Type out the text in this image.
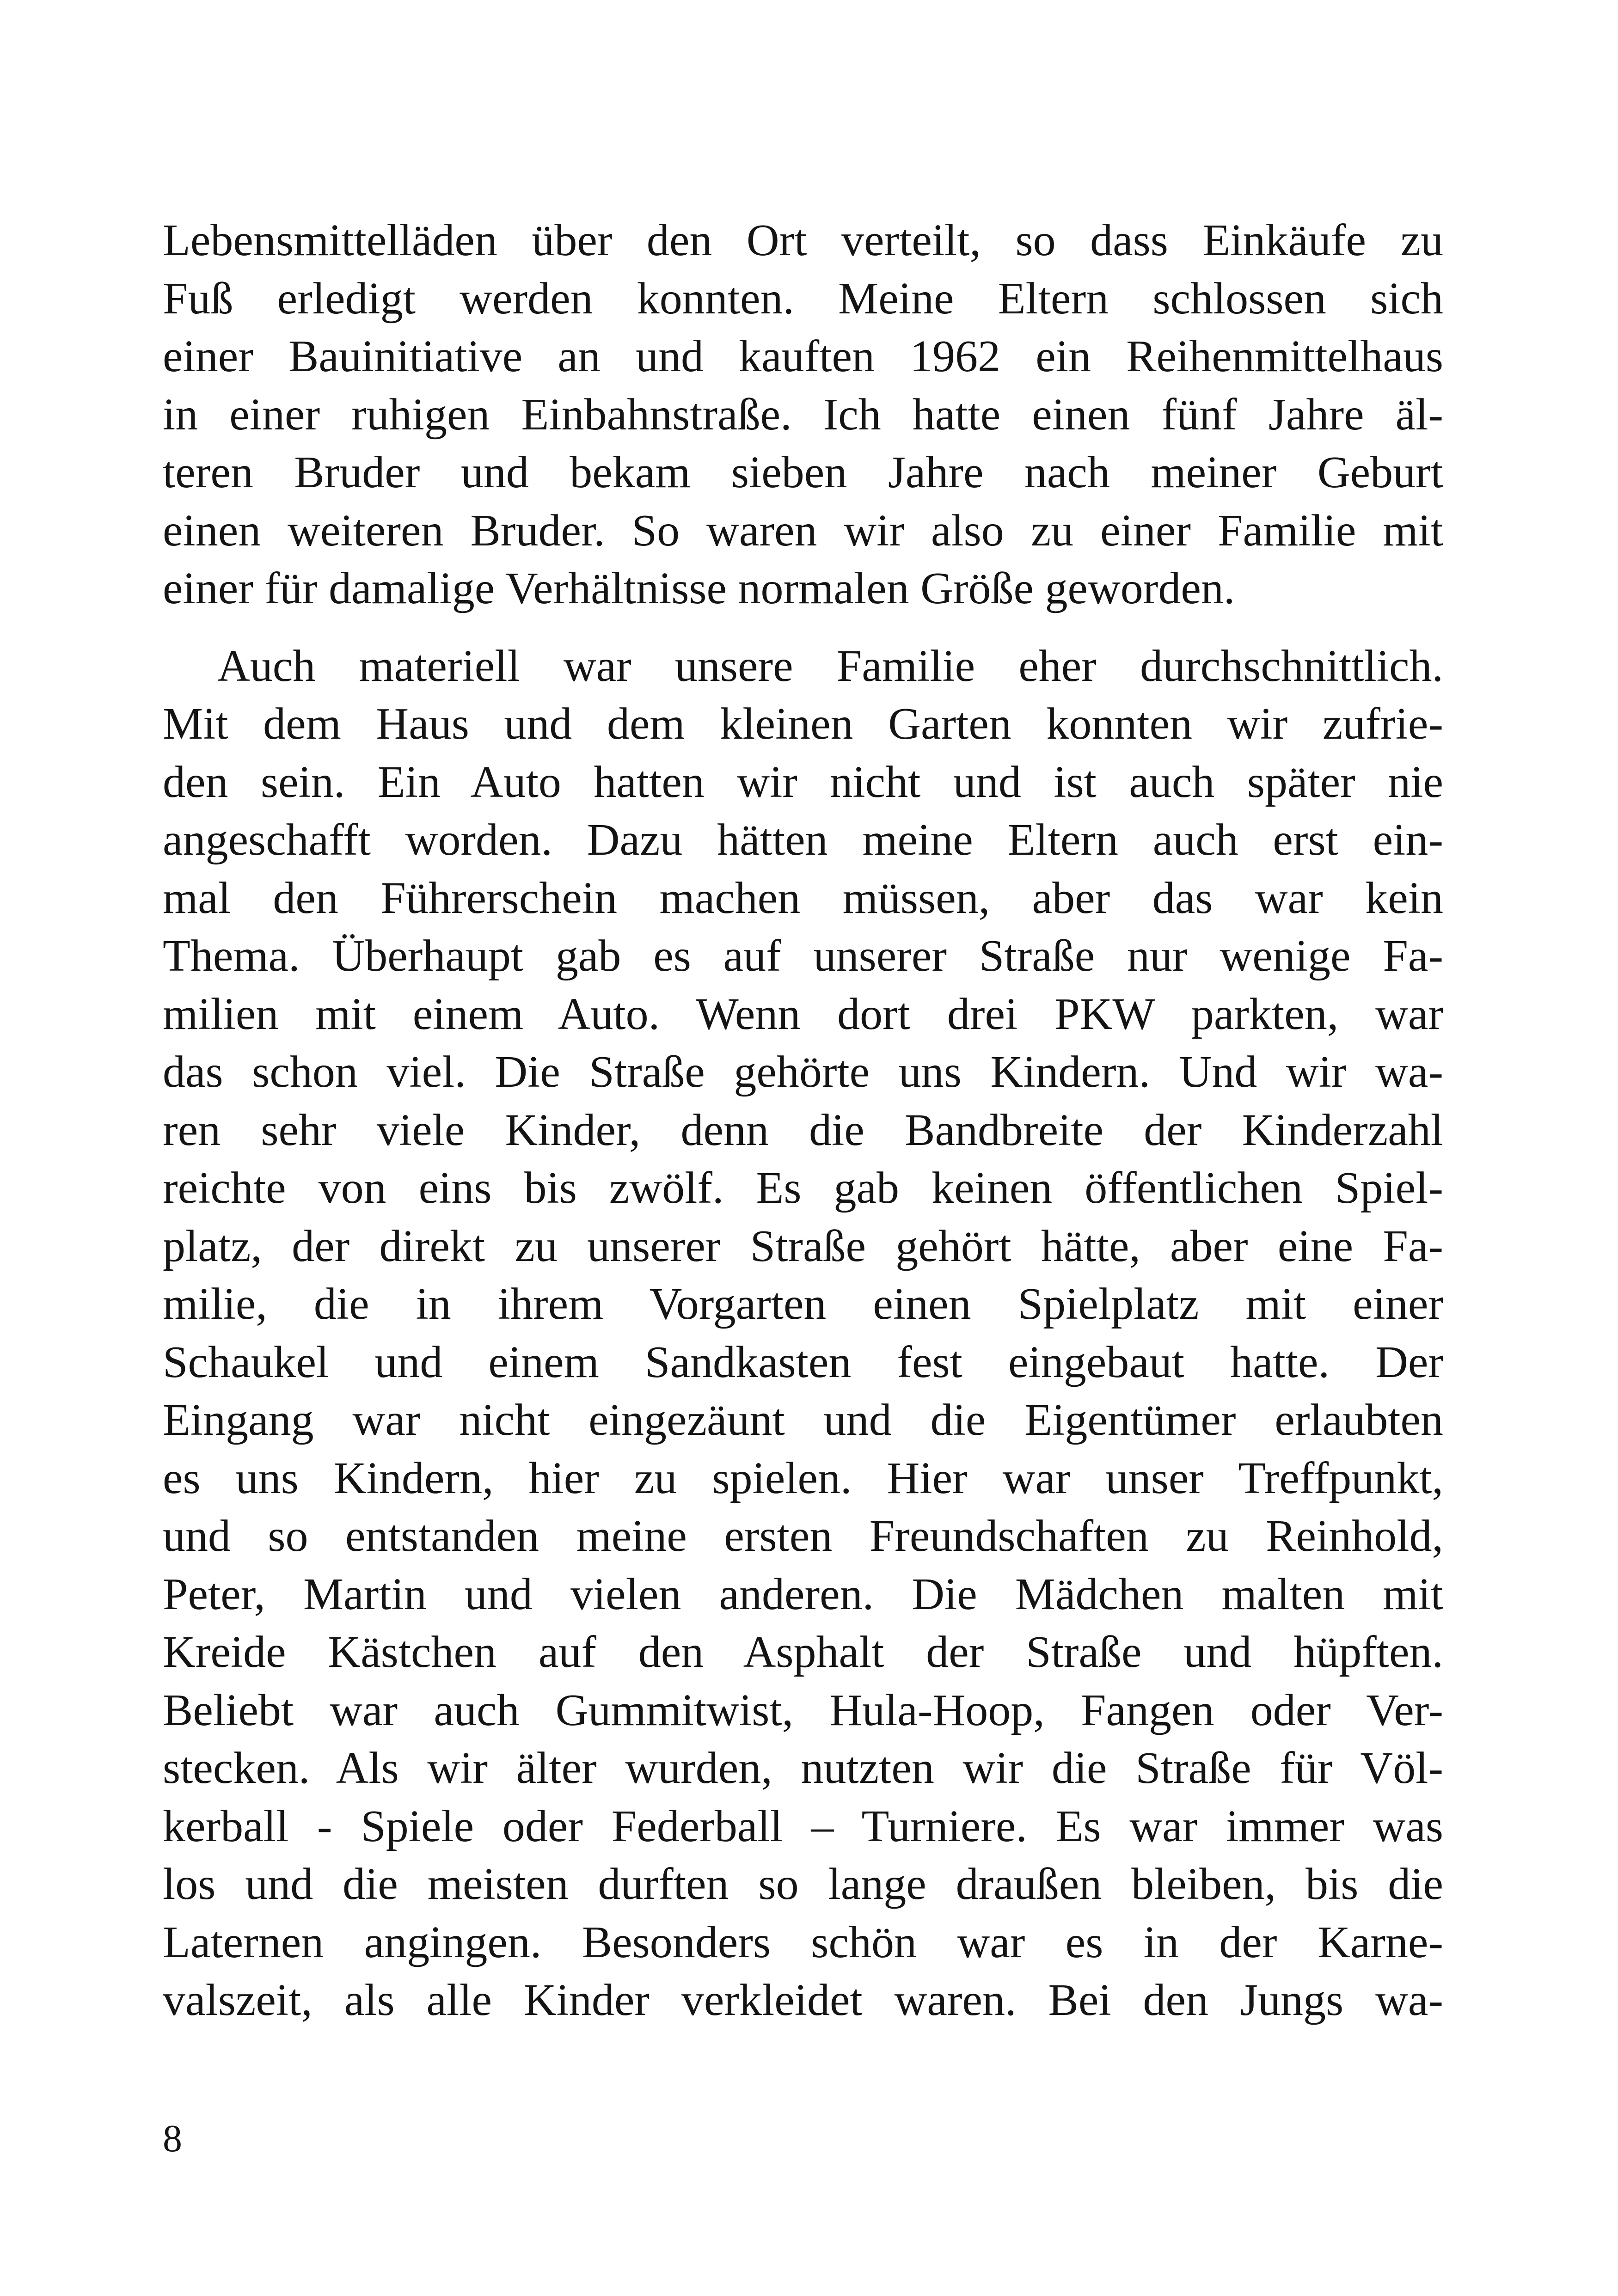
Lebensmittelläden über den Ort verteilt, so dass Einkäufe zu
Fuß erledigt werden konnten. Meine Eltern schlossen sich
einer Bauinitiative an und kauften 1962 ein Reihenmittelhaus
in einer ruhigen Einbahnstraße. Ich hatte einen fünf Jahre äl-
teren Bruder und bekam sieben Jahre nach meiner Geburt
einen weiteren Bruder. So waren wir also zu einer Familie mit
einer für damalige Verhältnisse normalen Größe geworden.
Auch materiell war unsere Familie eher durchschnittlich.
Mit dem Haus und dem kleinen Garten konnten wir zufrie-
den sein. Ein Auto hatten wir nicht und ist auch später nie
angeschafft worden. Dazu hätten meine Eltern auch erst ein-
mal den Führerschein machen müssen, aber das war kein
Thema. Überhaupt gab es auf unserer Straße nur wenige Fa-
milien mit einem Auto. Wenn dort drei PKW parkten, war
das schon viel. Die Straße gehörte uns Kindern. Und wir wa-
ren sehr viele Kinder, denn die Bandbreite der Kinderzahl
reichte von eins bis zwölf. Es gab keinen öffentlichen Spiel-
platz, der direkt zu unserer Straße gehört hätte, aber eine Fa-
milie, die in ihrem Vorgarten einen Spielplatz mit einer
Schaukel und einem Sandkasten fest eingebaut hatte. Der
Eingang war nicht eingezäunt und die Eigentümer erlaubten
es uns Kindern, hier zu spielen. Hier war unser Treffpunkt,
und so entstanden meine ersten Freundschaften zu Reinhold,
Peter, Martin und vielen anderen. Die Mädchen malten mit
Kreide Kästchen auf den Asphalt der Straße und hüpften.
Beliebt war auch Gummitwist, Hula-Hoop, Fangen oder Ver-
stecken. Als wir älter wurden, nutzten wir die Straße für Völ-
kerball - Spiele oder Federball – Turniere. Es war immer was
los und die meisten durften so lange draußen bleiben, bis die
Laternen angingen. Besonders schön war es in der Karne-
valszeit, als alle Kinder verkleidet waren. Bei den Jungs wa-
8
